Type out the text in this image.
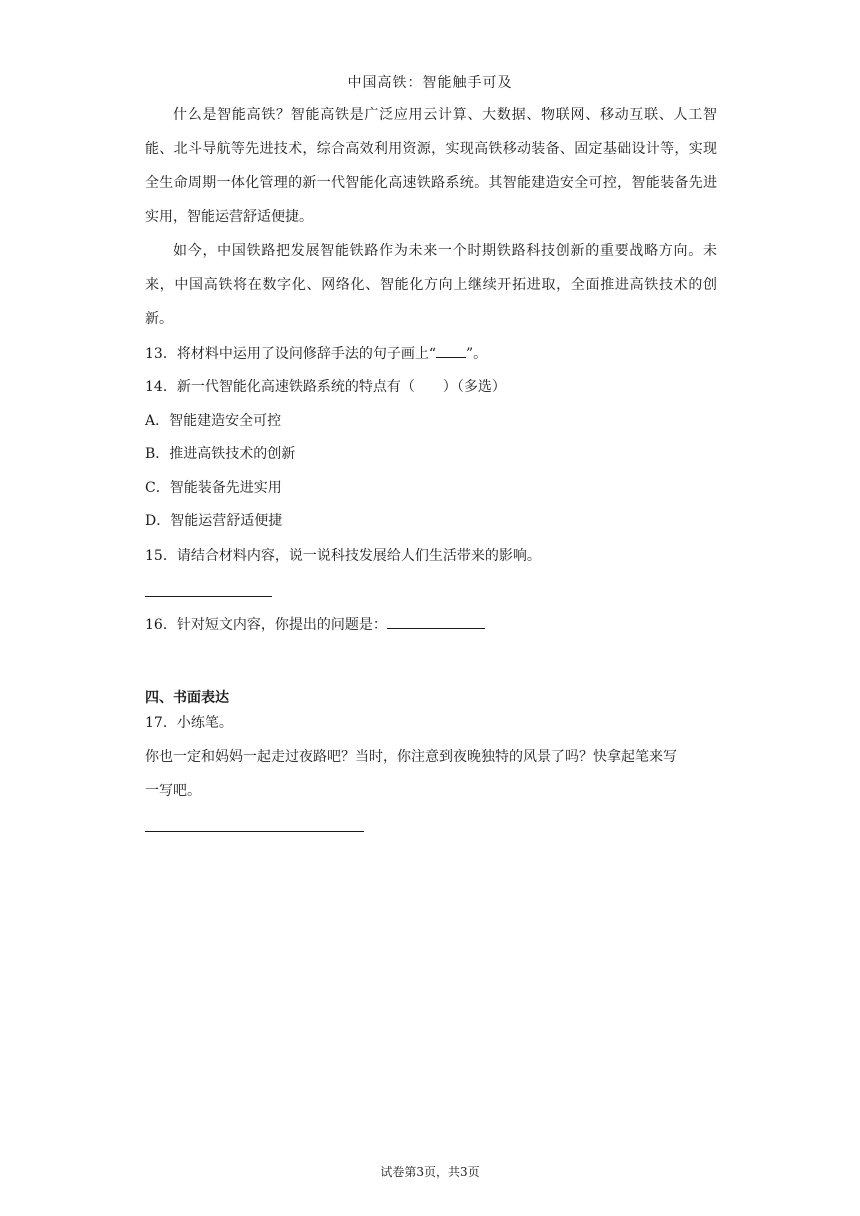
中国高铁：智能触手可及
什么是智能高铁？智能高铁是广泛应用云计算、大数据、物联网、移动互联、人工智能、北斗导航等先进技术，综合高效利用资源，实现高铁移动装备、固定基础设计等，实现全生命周期一体化管理的新一代智能化高速铁路系统。其智能建造安全可控，智能装备先进实用，智能运营舒适便捷。
如今，中国铁路把发展智能铁路作为未来一个时期铁路科技创新的重要战略方向。未来，中国高铁将在数字化、网络化、智能化方向上继续开拓进取，全面推进高铁技术的创新。
13．将材料中运用了设问修辞手法的句子画上“ ”。
14．新一代智能化高速铁路系统的特点有（　　）（多选）
A．智能建造安全可控
B．推进高铁技术的创新
C．智能装备先进实用
D．智能运营舒适便捷
15．请结合材料内容，说一说科技发展给人们生活带来的影响。
16．针对短文内容，你提出的问题是：
四、书面表达
17．小练笔。
你也一定和妈妈一起走过夜路吧？当时，你注意到夜晚独特的风景了吗？快拿起笔来写
一写吧。
试卷第3页，共3页
